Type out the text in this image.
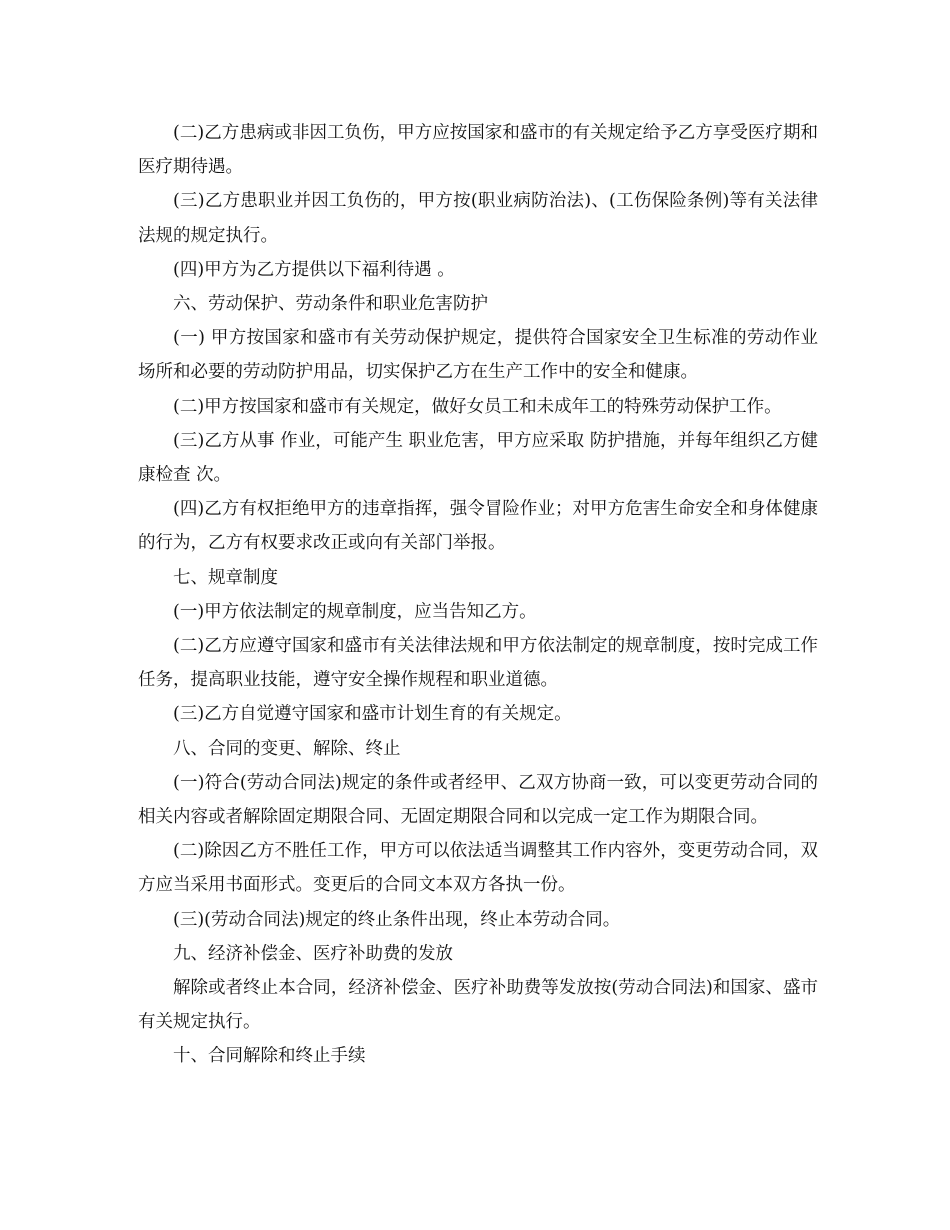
(二)乙方患病或非因工负伤，甲方应按国家和盛市的有关规定给予乙方享受医疗期和医疗期待遇。

(三)乙方患职业并因工负伤的，甲方按(职业病防治法)、(工伤保险条例)等有关法律法规的规定执行。

(四)甲方为乙方提供以下福利待遇 。

六、劳动保护、劳动条件和职业危害防护

(一) 甲方按国家和盛市有关劳动保护规定，提供符合国家安全卫生标准的劳动作业场所和必要的劳动防护用品，切实保护乙方在生产工作中的安全和健康。

(二)甲方按国家和盛市有关规定，做好女员工和未成年工的特殊劳动保护工作。

(三)乙方从事 作业，可能产生 职业危害，甲方应采取 防护措施，并每年组织乙方健康检查 次。

(四)乙方有权拒绝甲方的违章指挥，强令冒险作业；对甲方危害生命安全和身体健康的行为，乙方有权要求改正或向有关部门举报。

七、规章制度

(一)甲方依法制定的规章制度，应当告知乙方。

(二)乙方应遵守国家和盛市有关法律法规和甲方依法制定的规章制度，按时完成工作任务，提高职业技能，遵守安全操作规程和职业道德。

(三)乙方自觉遵守国家和盛市计划生育的有关规定。

八、合同的变更、解除、终止

(一)符合(劳动合同法)规定的条件或者经甲、乙双方协商一致，可以变更劳动合同的相关内容或者解除固定期限合同、无固定期限合同和以完成一定工作为期限合同。

(二)除因乙方不胜任工作，甲方可以依法适当调整其工作内容外，变更劳动合同，双方应当采用书面形式。变更后的合同文本双方各执一份。

(三)(劳动合同法)规定的终止条件出现，终止本劳动合同。

九、经济补偿金、医疗补助费的发放

解除或者终止本合同，经济补偿金、医疗补助费等发放按(劳动合同法)和国家、盛市有关规定执行。

十、合同解除和终止手续
